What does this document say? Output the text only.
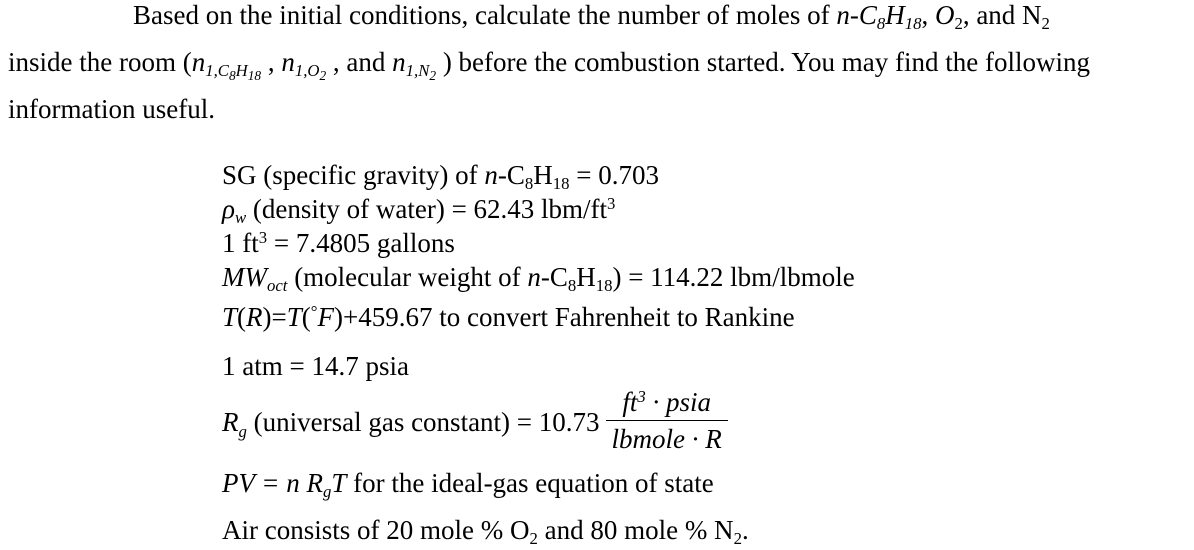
Based on the initial conditions, calculate the number of moles of $n-C_8H_{18}$, $O_2$, and $N_2$
inside the room ($n_{1,C_8H_{18}}$ , $n_{1,O_2}$ , and $n_{1,N_2}$ ) before the combustion started. You may find the following
information useful.
SG (specific gravity) of $n-C_8H_{18} = 0.703$
$\rho_w$ (density of water) = 62.43 lbm/$ft^3$
1 $ft^3 = 7.4805$ gallons
$MW_{oct}$ (molecular weight of $n-C_8H_{18}) = 114.22$ lbm/lbmole
T(R)=T(°F)+459.67 to convert Fahrenheit to Rankine
1 atm = 14.7 psia
$R_g$ (universal gas constant) = $10.73 \frac{ft^3 \cdot psia}{\text{lbmole · R}}$
PV = n $R_gT$ for the ideal-gas equation of state
Air consists of 20 mole % $O_2$ and 80 mole % $N_2$.
